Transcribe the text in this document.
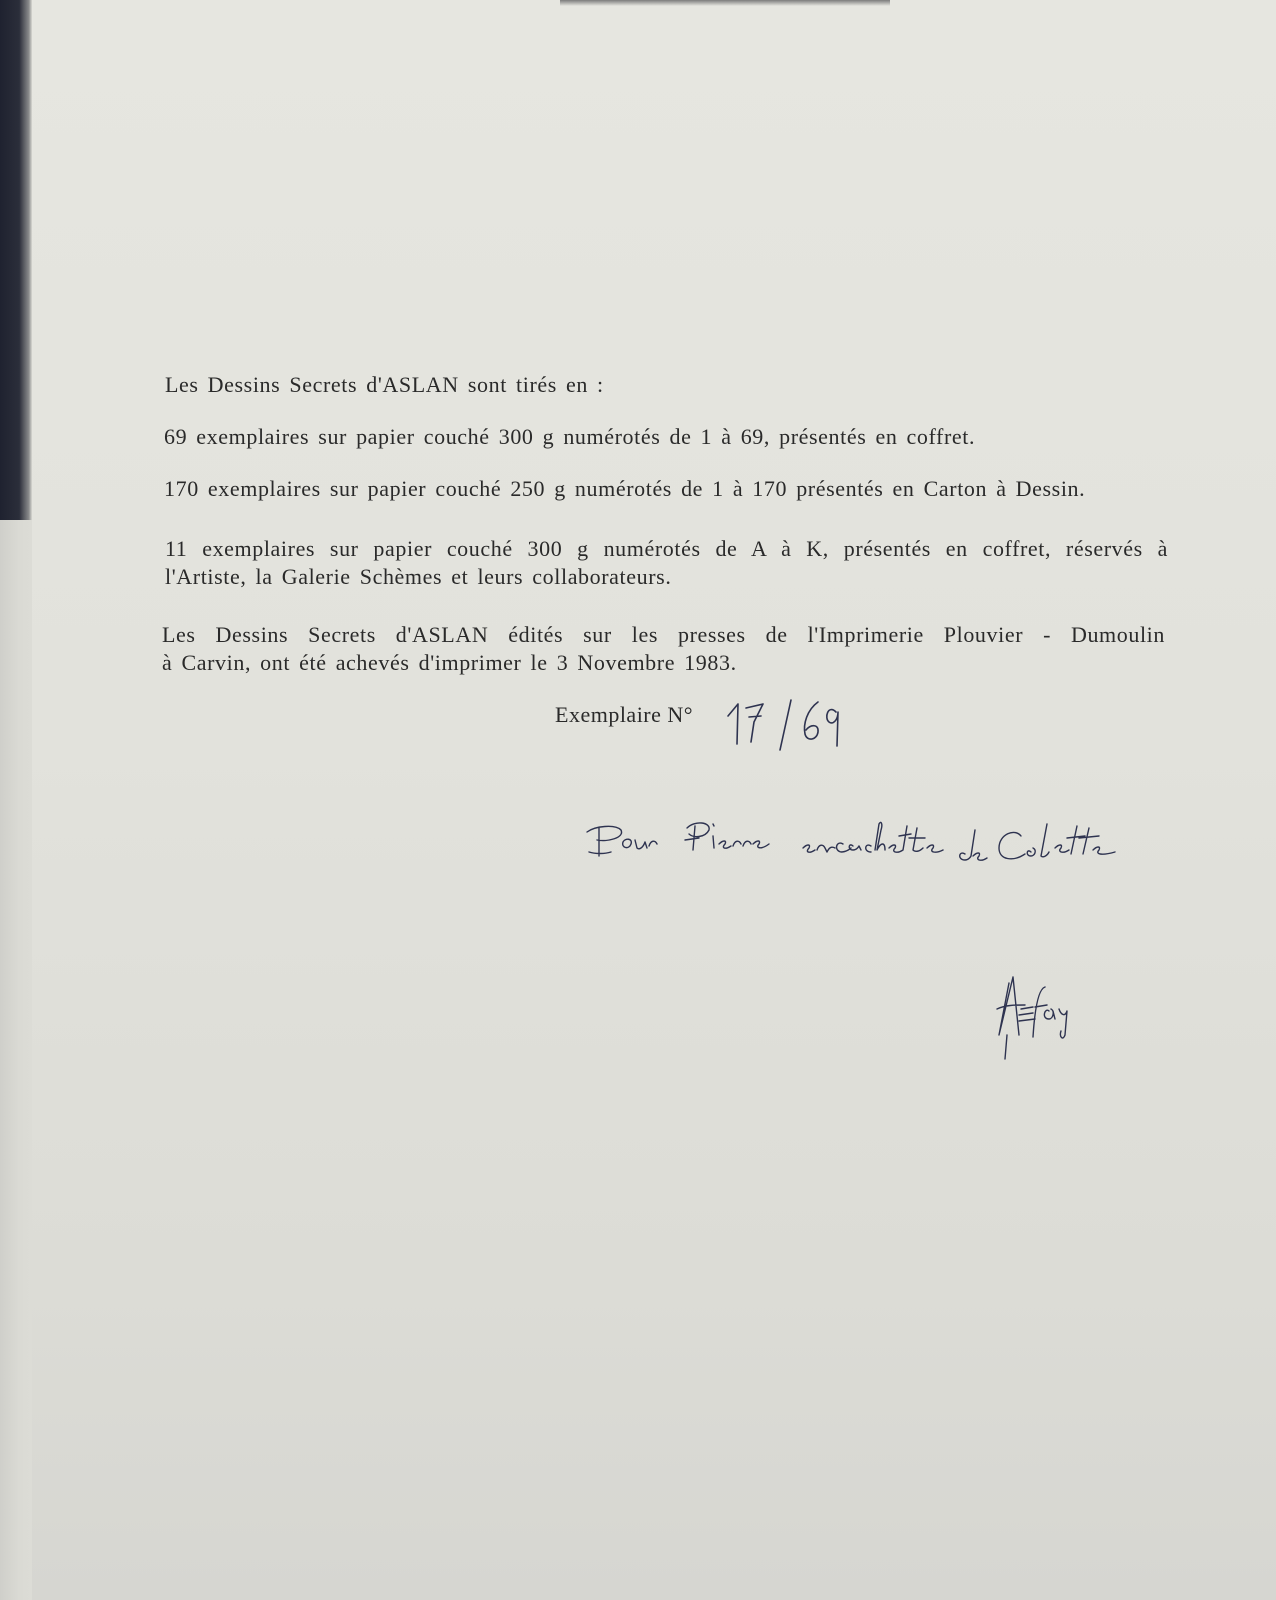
Les Dessins Secrets d'ASLAN sont tirés en :
69 exemplaires sur papier couché 300 g numérotés de 1 à 69, présentés en coffret.
170 exemplaires sur papier couché 250 g numérotés de 1 à 170 présentés en Carton à Dessin.
11 exemplaires sur papier couché 300 g numérotés de A à K, présentés en coffret, réservés à
l'Artiste, la Galerie Schèmes et leurs collaborateurs.
Les Dessins Secrets d'ASLAN édités sur les presses de l'Imprimerie Plouvier - Dumoulin
à Carvin, ont été achevés d'imprimer le 3 Novembre 1983.
Exemplaire N°
